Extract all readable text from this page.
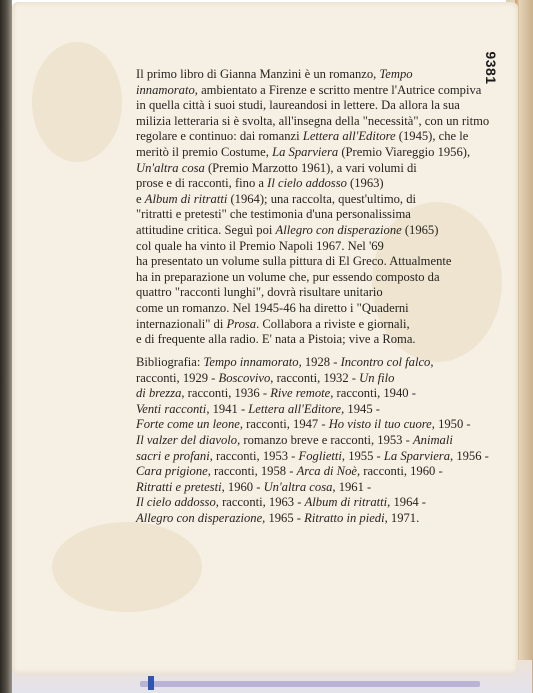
9381
Il primo libro di Gianna Manzini è un romanzo, Tempo
innamorato, ambientato a Firenze e scritto mentre l'Autrice compiva
in quella città i suoi studi, laureandosi in lettere. Da allora la sua
milizia letteraria si è svolta, all'insegna della "necessità", con un ritmo
regolare e continuo: dai romanzi Lettera all'Editore (1945), che le
meritò il premio Costume, La Sparviera (Premio Viareggio 1956),
Un'altra cosa (Premio Marzotto 1961), a vari volumi di
prose e di racconti, fino a Il cielo addosso (1963)
e Album di ritratti (1964); una raccolta, quest'ultimo, di
"ritratti e pretesti" che testimonia d'una personalissima
attitudine critica. Seguì poi Allegro con disperazione (1965)
col quale ha vinto il Premio Napoli 1967. Nel '69
ha presentato un volume sulla pittura di El Greco. Attualmente
ha in preparazione un volume che, pur essendo composto da
quattro "racconti lunghi", dovrà risultare unitario
come un romanzo. Nel 1945-46 ha diretto i "Quaderni
internazionali" di Prosa. Collabora a riviste e giornali,
e di frequente alla radio. E' nata a Pistoia; vive a Roma.
Bibliografia: Tempo innamorato, 1928 - Incontro col falco,
racconti, 1929 - Boscovivo, racconti, 1932 - Un filo
di brezza, racconti, 1936 - Rive remote, racconti, 1940 -
Venti racconti, 1941 - Lettera all'Editore, 1945 -
Forte come un leone, racconti, 1947 - Ho visto il tuo cuore, 1950 -
Il valzer del diavolo, romanzo breve e racconti, 1953 - Animali
sacri e profani, racconti, 1953 - Foglietti, 1955 - La Sparviera, 1956 -
Cara prigione, racconti, 1958 - Arca di Noè, racconti, 1960 -
Ritratti e pretesti, 1960 - Un'altra cosa, 1961 -
Il cielo addosso, racconti, 1963 - Album di ritratti, 1964 -
Allegro con disperazione, 1965 - Ritratto in piedi, 1971.
